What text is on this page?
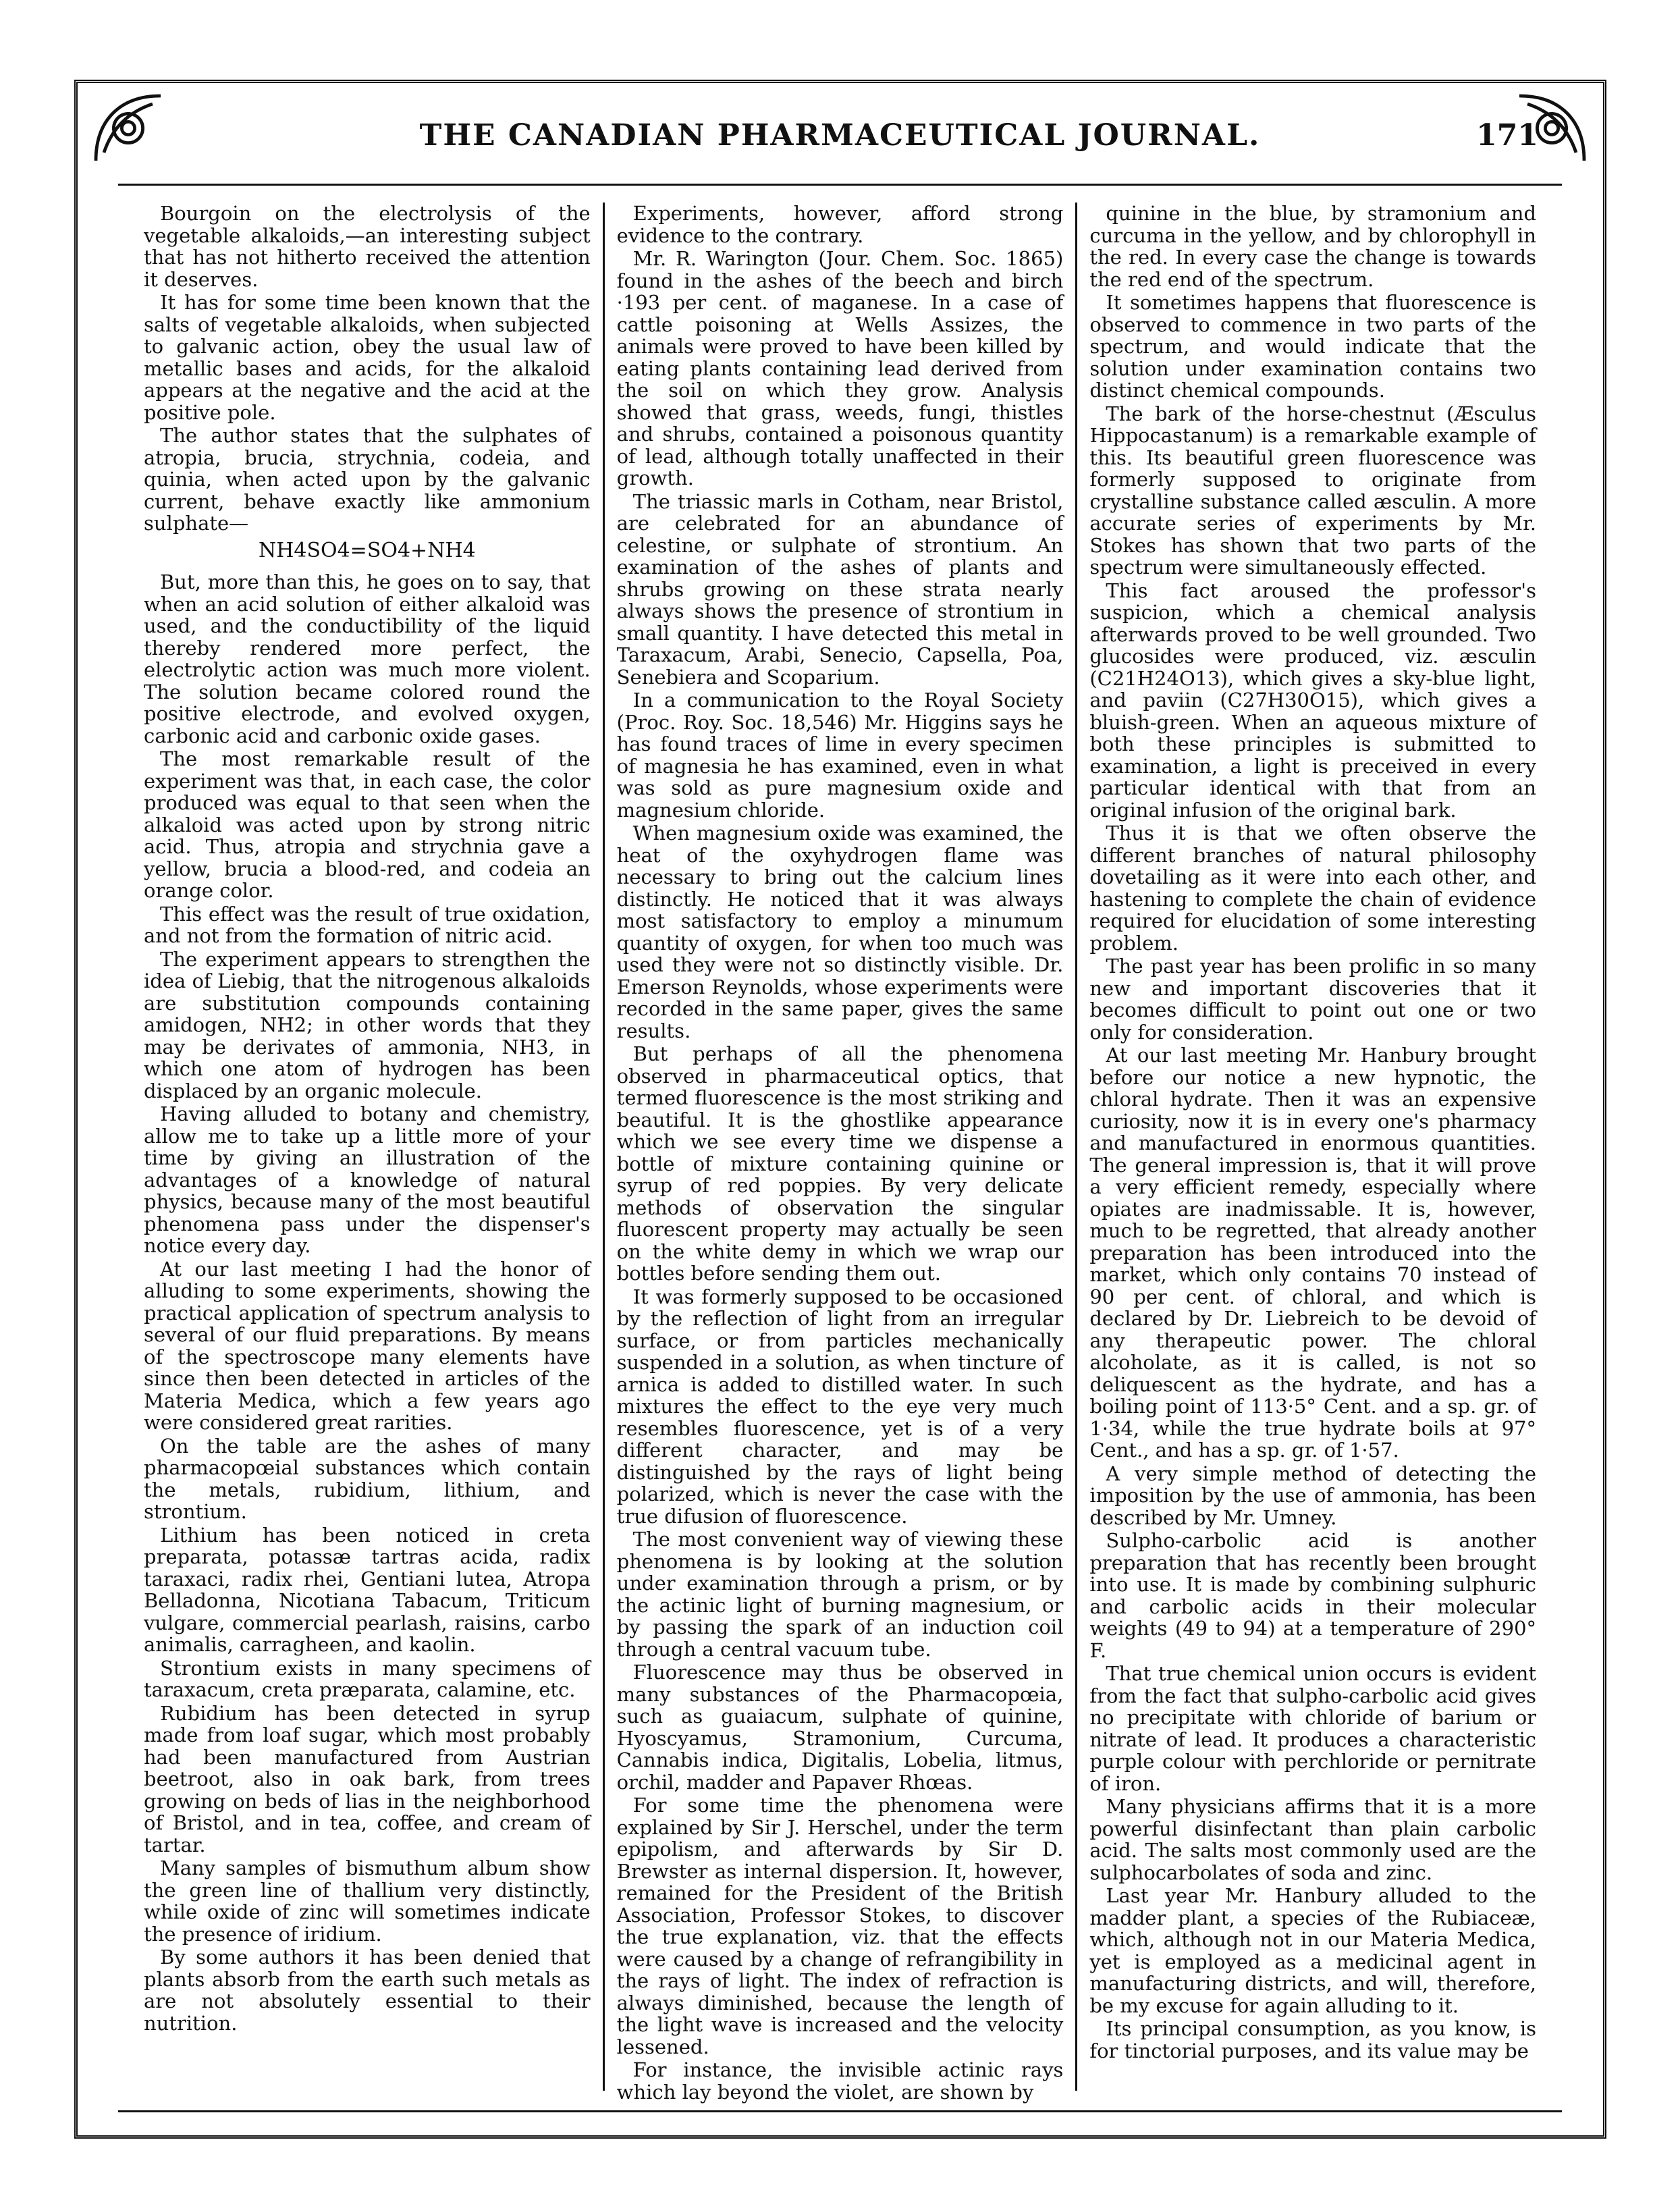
THE CANADIAN PHARMACEUTICAL JOURNAL.	171

Bourgoin on the electrolysis of the vegetable alkaloids,—an interesting subject that has not hitherto received the attention it deserves.

It has for some time been known that the salts of vegetable alkaloids, when subjected to galvanic action, obey the usual law of metallic bases and acids, for the alkaloid appears at the negative and the acid at the positive pole.

The author states that the sulphates of atropia, brucia, strychnia, codeia, and quinia, when acted upon by the galvanic current, behave exactly like ammonium sulphate—

NH4SO4=SO4+NH4

But, more than this, he goes on to say, that when an acid solution of either alkaloid was used, and the conductibility of the liquid thereby rendered more perfect, the electrolytic action was much more violent. The solution became colored round the positive electrode, and evolved oxygen, carbonic acid and carbonic oxide gases.

The most remarkable result of the experiment was that, in each case, the color produced was equal to that seen when the alkaloid was acted upon by strong nitric acid. Thus, atropia and strychnia gave a yellow, brucia a blood-red, and codeia an orange color.

This effect was the result of true oxidation, and not from the formation of nitric acid.

The experiment appears to strengthen the idea of Liebig, that the nitrogenous alkaloids are substitution compounds containing amidogen, NH2; in other words that they may be derivates of ammonia, NH3, in which one atom of hydrogen has been displaced by an organic molecule.

Having alluded to botany and chemistry, allow me to take up a little more of your time by giving an illustration of the advantages of a knowledge of natural physics, because many of the most beautiful phenomena pass under the dispenser's notice every day.

At our last meeting I had the honor of alluding to some experiments, showing the practical application of spectrum analysis to several of our fluid preparations. By means of the spectroscope many elements have since then been detected in articles of the Materia Medica, which a few years ago were considered great rarities.

On the table are the ashes of many pharmacopœial substances which contain the metals, rubidium, lithium, and strontium.

Lithium has been noticed in creta preparata, potassæ tartras acida, radix taraxaci, radix rhei, Gentiani lutea, Atropa Belladonna, Nicotiana Tabacum, Triticum vulgare, commercial pearlash, raisins, carbo animalis, carragheen, and kaolin.

Strontium exists in many specimens of taraxacum, creta præparata, calamine, etc.

Rubidium has been detected in syrup made from loaf sugar, which most probably had been manufactured from Austrian beetroot, also in oak bark, from trees growing on beds of lias in the neighborhood of Bristol, and in tea, coffee, and cream of tartar.

Many samples of bismuthum album show the green line of thallium very distinctly, while oxide of zinc will sometimes indicate the presence of iridium.

By some authors it has been denied that plants absorb from the earth such metals as are not absolutely essential to their nutrition.

Experiments, however, afford strong evidence to the contrary.

Mr. R. Warington (Jour. Chem. Soc. 1865) found in the ashes of the beech and birch ·193 per cent. of maganese. In a case of cattle poisoning at Wells Assizes, the animals were proved to have been killed by eating plants containing lead derived from the soil on which they grow. Analysis showed that grass, weeds, fungi, thistles and shrubs, contained a poisonous quantity of lead, although totally unaffected in their growth.

The triassic marls in Cotham, near Bristol, are celebrated for an abundance of celestine, or sulphate of strontium. An examination of the ashes of plants and shrubs growing on these strata nearly always shows the presence of strontium in small quantity. I have detected this metal in Taraxacum, Arabi, Senecio, Capsella, Poa, Senebiera and Scoparium.

In a communication to the Royal Society (Proc. Roy. Soc. 18,546) Mr. Higgins says he has found traces of lime in every specimen of magnesia he has examined, even in what was sold as pure magnesium oxide and magnesium chloride.

When magnesium oxide was examined, the heat of the oxyhydrogen flame was necessary to bring out the calcium lines distinctly. He noticed that it was always most satisfactory to employ a minumum quantity of oxygen, for when too much was used they were not so distinctly visible. Dr. Emerson Reynolds, whose experiments were recorded in the same paper, gives the same results.

But perhaps of all the phenomena observed in pharmaceutical optics, that termed fluorescence is the most striking and beautiful. It is the ghostlike appearance which we see every time we dispense a bottle of mixture containing quinine or syrup of red poppies. By very delicate methods of observation the singular fluorescent property may actually be seen on the white demy in which we wrap our bottles before sending them out.

It was formerly supposed to be occasioned by the reflection of light from an irregular surface, or from particles mechanically suspended in a solution, as when tincture of arnica is added to distilled water. In such mixtures the effect to the eye very much resembles fluorescence, yet is of a very different character, and may be distinguished by the rays of light being polarized, which is never the case with the true difusion of fluorescence.

The most convenient way of viewing these phenomena is by looking at the solution under examination through a prism, or by the actinic light of burning magnesium, or by passing the spark of an induction coil through a central vacuum tube.

Fluorescence may thus be observed in many substances of the Pharmacopœia, such as guaiacum, sulphate of quinine, Hyoscyamus, Stramonium, Curcuma, Cannabis indica, Digitalis, Lobelia, litmus, orchil, madder and Papaver Rhœas.

For some time the phenomena were explained by Sir J. Herschel, under the term epipolism, and afterwards by Sir D. Brewster as internal dispersion. It, however, remained for the President of the British Association, Professor Stokes, to discover the true explanation, viz. that the effects were caused by a change of refrangibility in the rays of light. The index of refraction is always diminished, because the length of the light wave is increased and the velocity lessened.

For instance, the invisible actinic rays which lay beyond the violet, are shown by

quinine in the blue, by stramonium and curcuma in the yellow, and by chlorophyll in the red. In every case the change is towards the red end of the spectrum.

It sometimes happens that fluorescence is observed to commence in two parts of the spectrum, and would indicate that the solution under examination contains two distinct chemical compounds.

The bark of the horse-chestnut (Æsculus Hippocastanum) is a remarkable example of this. Its beautiful green fluorescence was formerly supposed to originate from crystalline substance called æsculin. A more accurate series of experiments by Mr. Stokes has shown that two parts of the spectrum were simultaneously effected.

This fact aroused the professor's suspicion, which a chemical analysis afterwards proved to be well grounded. Two glucosides were produced, viz. æsculin (C21H24O13), which gives a sky-blue light, and paviin (C27H30O15), which gives a bluish-green. When an aqueous mixture of both these principles is submitted to examination, a light is preceived in every particular identical with that from an original infusion of the original bark.

Thus it is that we often observe the different branches of natural philosophy dovetailing as it were into each other, and hastening to complete the chain of evidence required for elucidation of some interesting problem.

The past year has been prolific in so many new and important discoveries that it becomes difficult to point out one or two only for consideration.

At our last meeting Mr. Hanbury brought before our notice a new hypnotic, the chloral hydrate. Then it was an expensive curiosity, now it is in every one's pharmacy and manufactured in enormous quantities. The general impression is, that it will prove a very efficient remedy, especially where opiates are inadmissable. It is, however, much to be regretted, that already another preparation has been introduced into the market, which only contains 70 instead of 90 per cent. of chloral, and which is declared by Dr. Liebreich to be devoid of any therapeutic power. The chloral alcoholate, as it is called, is not so deliquescent as the hydrate, and has a boiling point of 113·5° Cent. and a sp. gr. of 1·34, while the true hydrate boils at 97° Cent., and has a sp. gr. of 1·57.

A very simple method of detecting the imposition by the use of ammonia, has been described by Mr. Umney.

Sulpho-carbolic acid is another preparation that has recently been brought into use. It is made by combining sulphuric and carbolic acids in their molecular weights (49 to 94) at a temperature of 290° F.

That true chemical union occurs is evident from the fact that sulpho-carbolic acid gives no precipitate with chloride of barium or nitrate of lead. It produces a characteristic purple colour with perchloride or pernitrate of iron.

Many physicians affirms that it is a more powerful disinfectant than plain carbolic acid. The salts most commonly used are the sulphocarbolates of soda and zinc.

Last year Mr. Hanbury alluded to the madder plant, a species of the Rubiaceæ, which, although not in our Materia Medica, yet is employed as a medicinal agent in manufacturing districts, and will, therefore, be my excuse for again alluding to it.

Its principal consumption, as you know, is for tinctorial purposes, and its value may be
